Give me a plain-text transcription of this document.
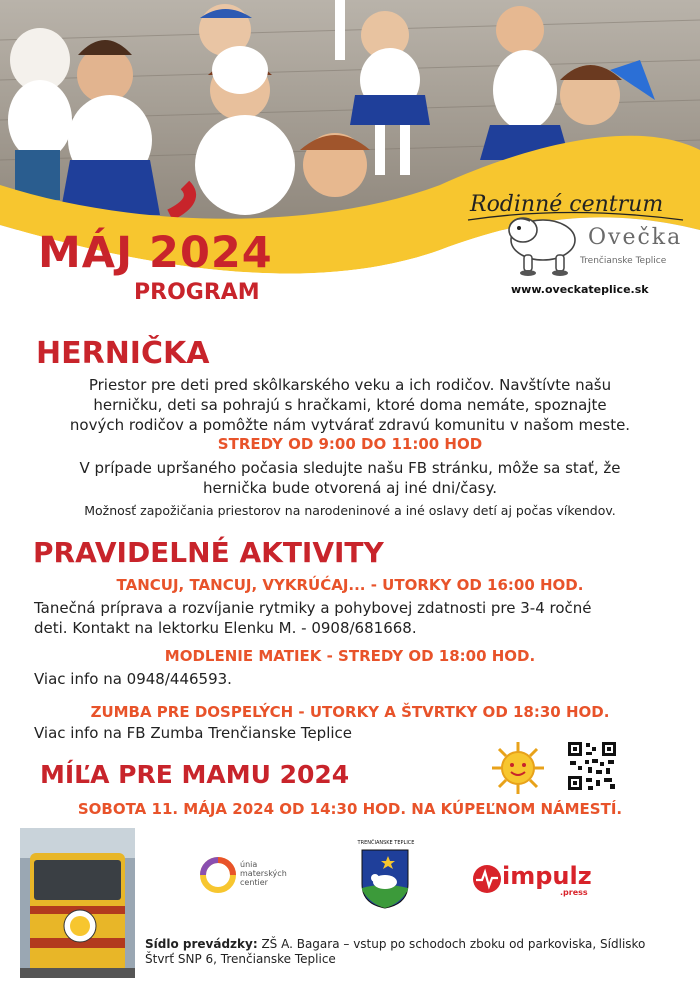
MÁJ 2024
PROGRAM
Rodinné centrum
Ovečka
Trenčianske Teplice
www.oveckateplice.sk
HERNIČKA
Priestor pre deti pred skôlkarského veku a ich rodičov. Navštívte našu
herničku, deti sa pohrajú s hračkami, ktoré doma nemáte, spoznajte
nových rodičov a pomôžte nám vytvárať zdravú komunitu v našom meste.
STREDY OD 9:00 DO 11:00 HOD
V prípade upršaného počasia sledujte našu FB stránku, môže sa stať, že
hernička bude otvorená aj iné dni/časy.
Možnosť zapožičania priestorov na narodeninové a iné oslavy detí aj počas víkendov.
PRAVIDELNÉ AKTIVITY
TANCUJ, TANCUJ, VYKRÚĆAJ... - UTORKY OD 16:00 HOD.
Tanečná príprava a rozvíjanie rytmiky a pohybovej zdatnosti pre 3-4 ročné
deti. Kontakt na lektorku Elenku M. - 0908/681668.
MODLENIE MATIEK - STREDY OD 18:00 HOD.
Viac info na 0948/446593.
ZUMBA PRE DOSPELÝCH - UTORKY A ŠTVRTKY OD 18:30 HOD.
Viac info na FB Zumba Trenčianske Teplice
MÍĽA PRE MAMU 2024
SOBOTA 11. MÁJA 2024 OD 14:30 HOD. NA KÚPEĽNOM NÁMESTÍ.
únia
materských
centier
TRENČIANSKE TEPLICE
impulz
.press
Sídlo prevádzky: ZŠ A. Bagara – vstup po schodoch zboku od parkoviska, Sídlisko
Štvrť SNP 6, Trenčianske Teplice
